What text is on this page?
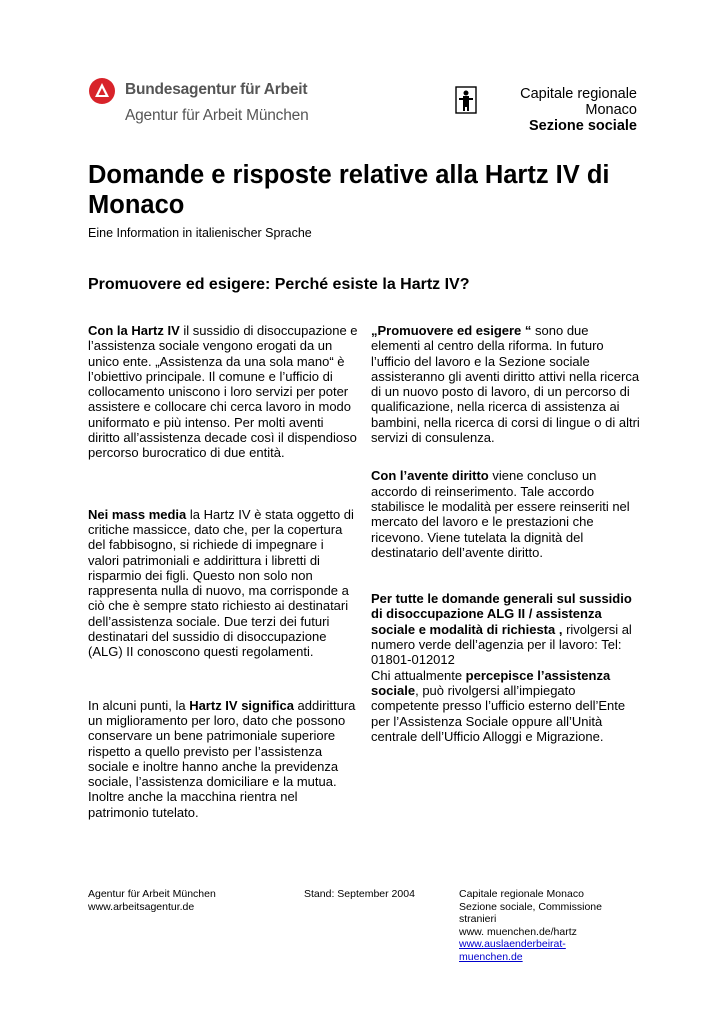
Bundesagentur für Arbeit
Agentur für Arbeit München
Capitale regionale
Monaco
Sezione sociale
Domande e risposte relative alla Hartz IV di Monaco
Eine Information in italienischer Sprache
Promuovere ed esigere: Perché esiste la Hartz IV?

Con la Hartz IV il sussidio di disoccupazione e l’assistenza sociale vengono erogati da un unico ente. „Assistenza da una sola mano“ è l’obiettivo principale. Il comune e l’ufficio di collocamento uniscono i loro servizi per poter assistere e collocare chi cerca lavoro in modo uniformato e più intenso. Per molti aventi diritto all’assistenza decade così il dispendioso percorso burocratico di due entità.

Nei mass media la Hartz IV è stata oggetto di critiche massicce, dato che, per la copertura del fabbisogno, si richiede di impegnare i valori patrimoniali e addirittura i libretti di risparmio dei figli. Questo non solo non rappresenta nulla di nuovo, ma corrisponde a ciò che è sempre stato richiesto ai destinatari dell’assistenza sociale. Due terzi dei futuri destinatari del sussidio di disoccupazione (ALG) II conoscono questi regolamenti.

In alcuni punti, la Hartz IV significa addirittura un miglioramento per loro, dato che possono conservare un bene patrimoniale superiore rispetto a quello previsto per l’assistenza sociale e inoltre hanno anche la previdenza sociale, l’assistenza domiciliare e la mutua. Inoltre anche la macchina rientra nel patrimonio tutelato.

„Promuovere ed esigere “ sono due elementi al centro della riforma. In futuro l’ufficio del lavoro e la Sezione sociale assisteranno gli aventi diritto attivi nella ricerca di un nuovo posto di lavoro, di un percorso di qualificazione, nella ricerca di assistenza ai bambini, nella ricerca di corsi di lingue o di altri servizi di consulenza.

Con l’avente diritto viene concluso un accordo di reinserimento. Tale accordo stabilisce le modalità per essere reinseriti nel mercato del lavoro e le prestazioni che ricevono. Viene tutelata la dignità del destinatario dell’avente diritto.

Per tutte le domande generali sul sussidio di disoccupazione ALG II / assistenza sociale e modalità di richiesta , rivolgersi al numero verde dell’agenzia per il lavoro: Tel: 01801-012012

Chi attualmente percepisce l’assistenza sociale, può rivolgersi all’impiegato competente presso l’ufficio esterno dell’Ente per l’Assistenza Sociale oppure all’Unità centrale dell’Ufficio Alloggi e Migrazione.

Agentur für Arbeit München
www.arbeitsagentur.de
Stand: September 2004	Capitale regionale Monaco
Sezione sociale, Commissione stranieri
www. muenchen.de/hartz
www.auslaenderbeirat-muenchen.de
